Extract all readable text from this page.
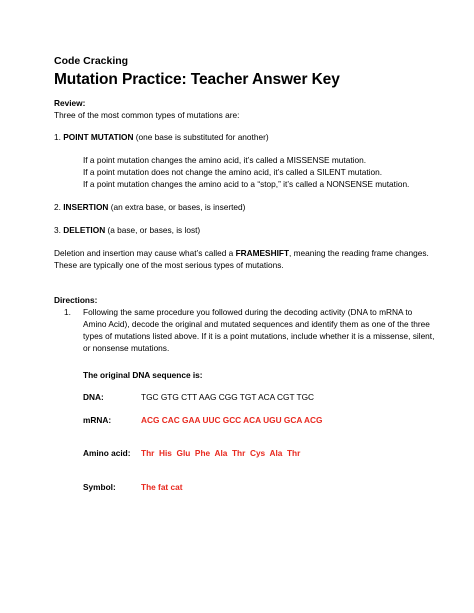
Code Cracking
Mutation Practice: Teacher Answer Key
Review:
Three of the most common types of mutations are:
1. POINT MUTATION (one base is substituted for another)
If a point mutation changes the amino acid, it’s called a MISSENSE mutation.
If a point mutation does not change the amino acid, it’s called a SILENT mutation.
If a point mutation changes the amino acid to a “stop,” it’s called a NONSENSE mutation.
2. INSERTION (an extra base, or bases, is inserted)
3. DELETION (a base, or bases, is lost)
Deletion and insertion may cause what’s called a FRAMESHIFT, meaning the reading frame changes.
These are typically one of the most serious types of mutations.
Directions:
1. Following the same procedure you followed during the decoding activity (DNA to mRNA to
Amino Acid), decode the original and mutated sequences and identify them as one of the three
types of mutations listed above. If it is a point mutations, include whether it is a missense, silent,
or nonsense mutations.
The original DNA sequence is:
DNA:	TGC GTG CTT AAG CGG TGT ACA CGT TGC
mRNA:	ACG CAC GAA UUC GCC ACA UGU GCA ACG
Amino acid: Thr  His  Glu  Phe  Ala  Thr  Cys  Ala  Thr
Symbol:	The fat cat
